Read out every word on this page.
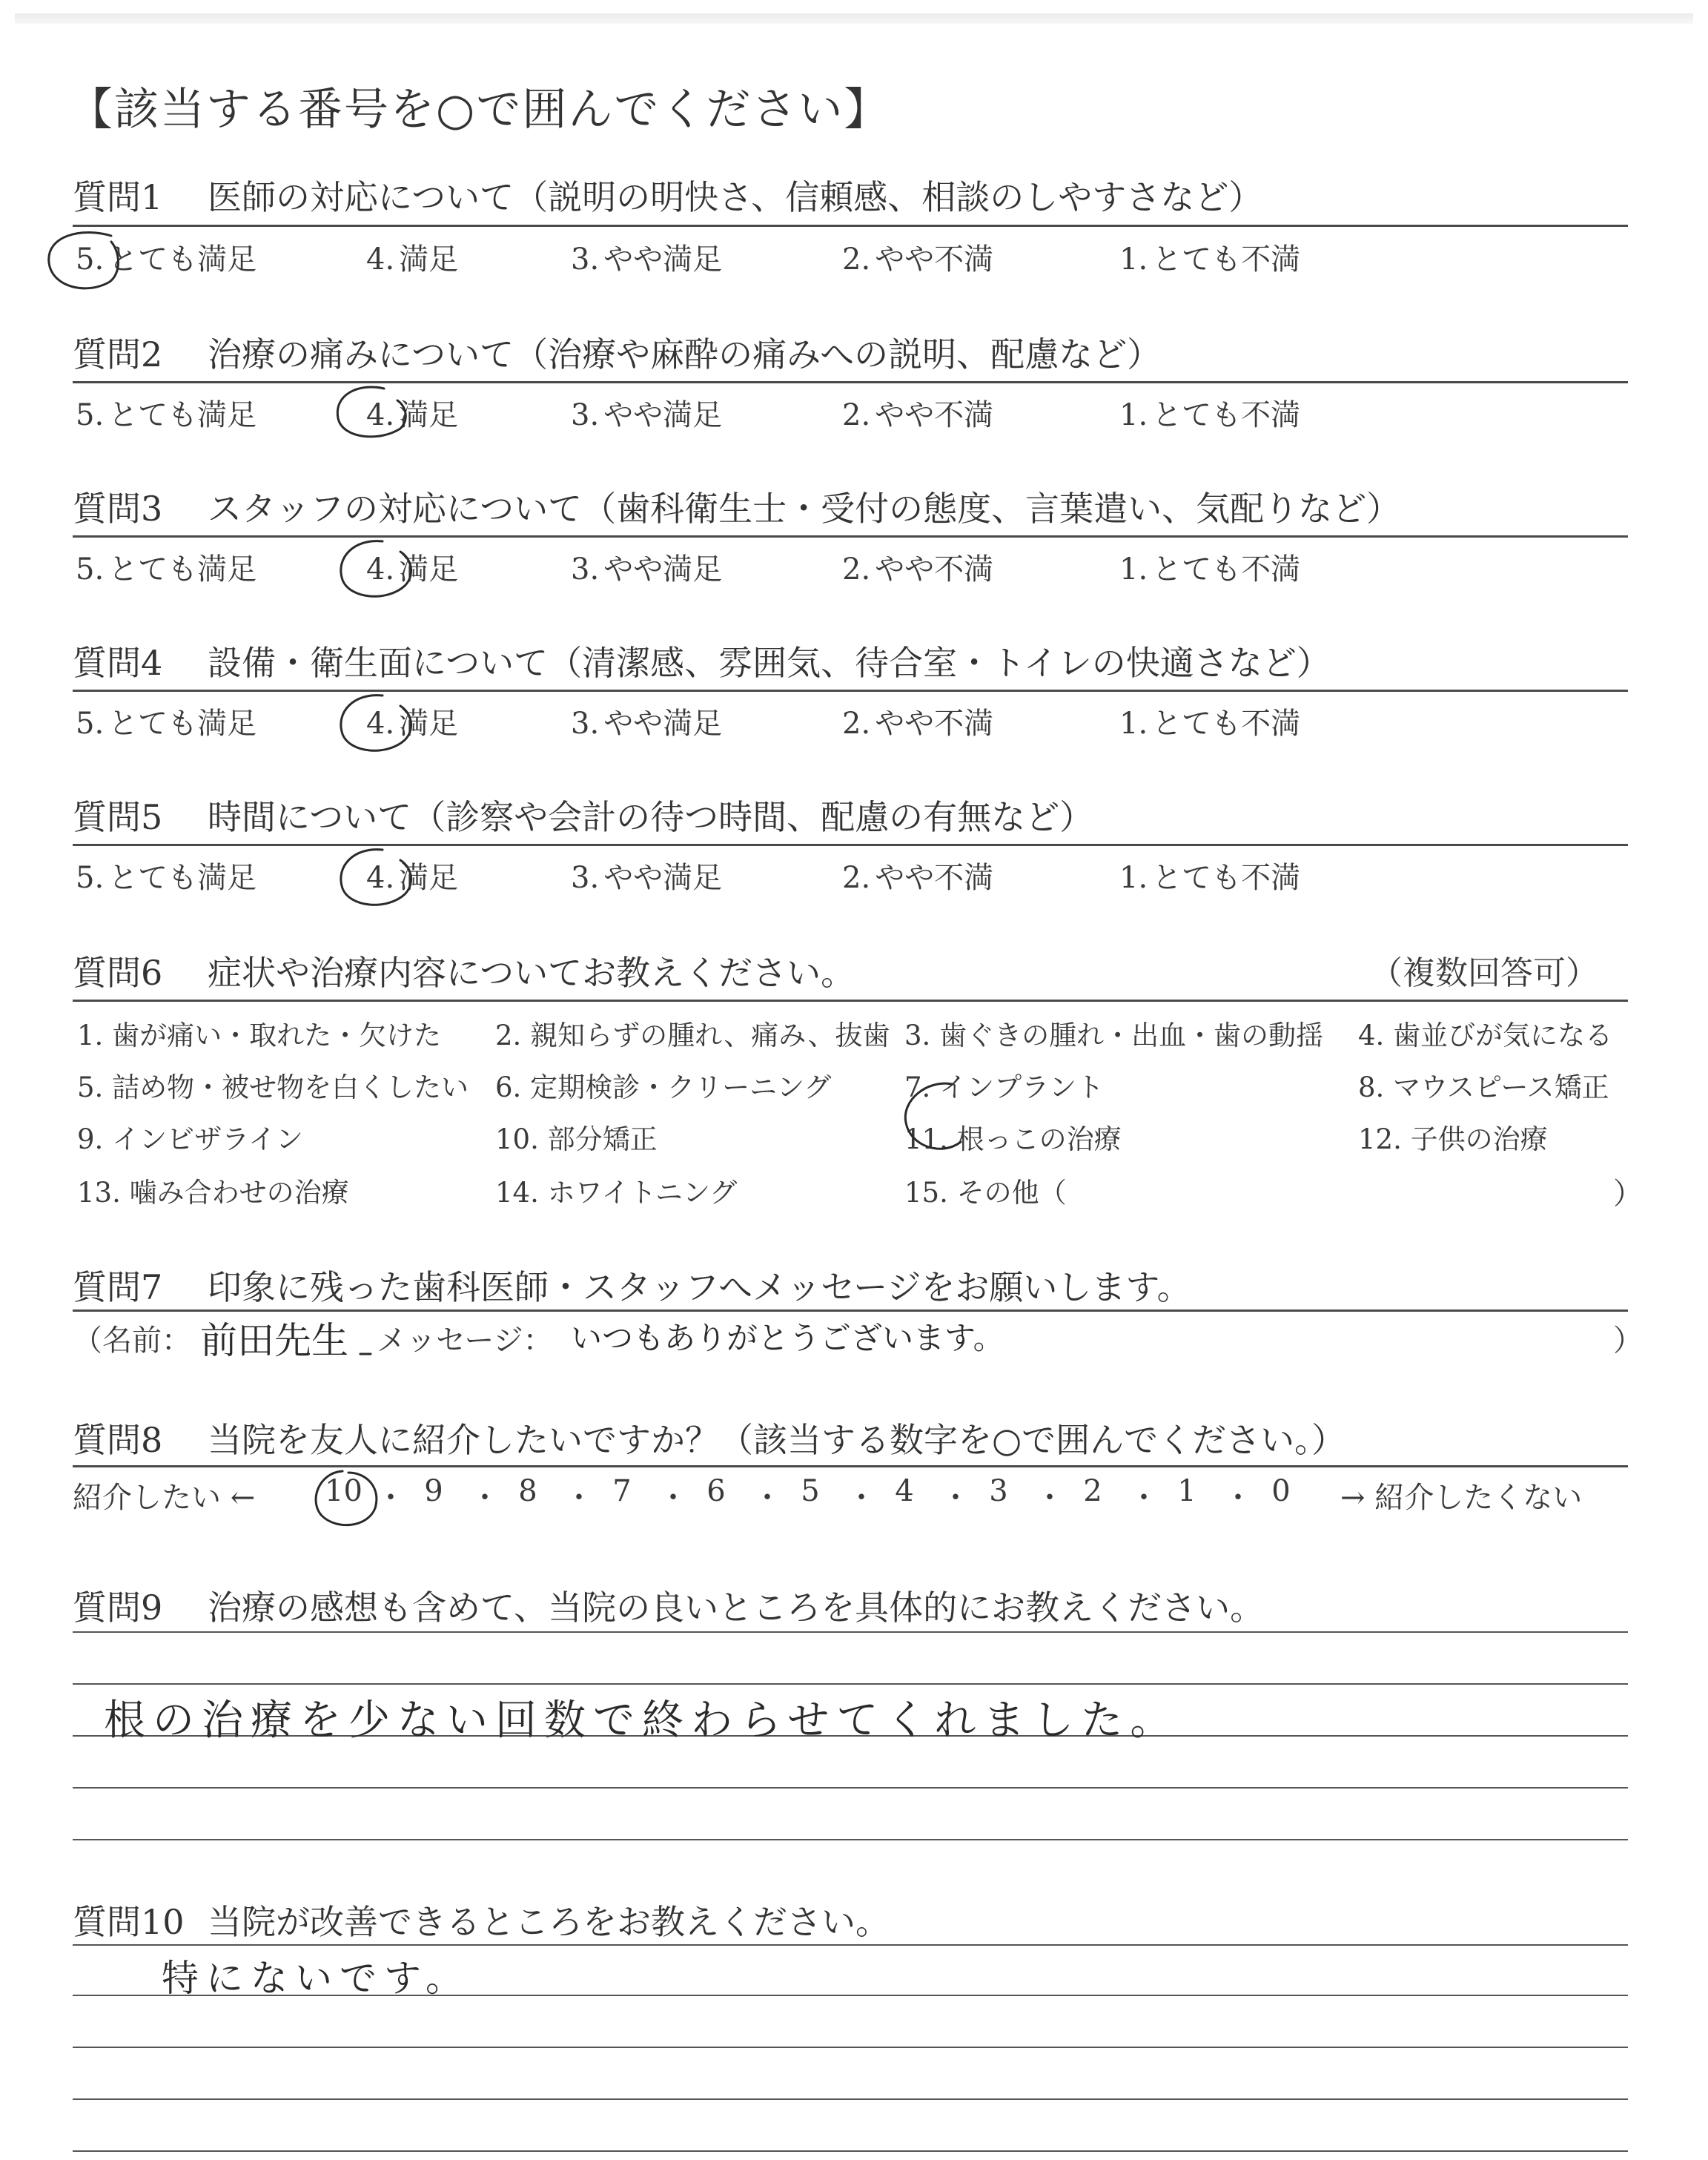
【該当する番号を○で囲んでください】
質問1 医師の対応について（説明の明快さ、信頼感、相談のしやすさなど）
5. とても満足	4. 満足	3. やや満足	2. やや不満	1. とても不満
質問2 治療の痛みについて（治療や麻酔の痛みへの説明、配慮など）
5. とても満足	4. 満足	3. やや満足	2. やや不満	1. とても不満
質問3 スタッフの対応について（歯科衛生士・受付の態度、言葉遣い、気配りなど）
5. とても満足	4. 満足	3. やや満足	2. やや不満	1. とても不満
質問4 設備・衛生面について（清潔感、雰囲気、待合室・トイレの快適さなど）
5. とても満足	4. 満足	3. やや満足	2. やや不満	1. とても不満
質問5 時間について（診察や会計の待つ時間、配慮の有無など）
5. とても満足	4. 満足	3. やや満足	2. やや不満	1. とても不満
質問6 症状や治療内容についてお教えください。	（複数回答可）
1. 歯が痛い・取れた・欠けた 2. 親知らずの腫れ、痛み、抜歯 3. 歯ぐきの腫れ・出血・歯の動揺 4. 歯並びが気になる
5. 詰め物・被せ物を白くしたい 6. 定期検診・クリーニング	7. インプラント	8. マウスピース矯正
9. インビザライン	10. 部分矯正	11. 根っこの治療	12. 子供の治療
13. 噛み合わせの治療	14. ホワイトニング	15. その他（	）
質問7 印象に残った歯科医師・スタッフへメッセージをお願いします。
（名前： 前田先生 メッセージ： いつもありがとうございます。	）
質問8 当院を友人に紹介したいですか？（該当する数字を○で囲んでください。）
紹介したい ← 10 ・ 9 ・ 8 ・ 7 ・ 6 ・ 5 ・ 4 ・ 3 ・ 2 ・ 1 ・ 0 → 紹介したくない
質問9 治療の感想も含めて、当院の良いところを具体的にお教えください。
根の治療を少ない回数で終わらせてくれました。
質問10 当院が改善できるところをお教えください。
特にないです。
